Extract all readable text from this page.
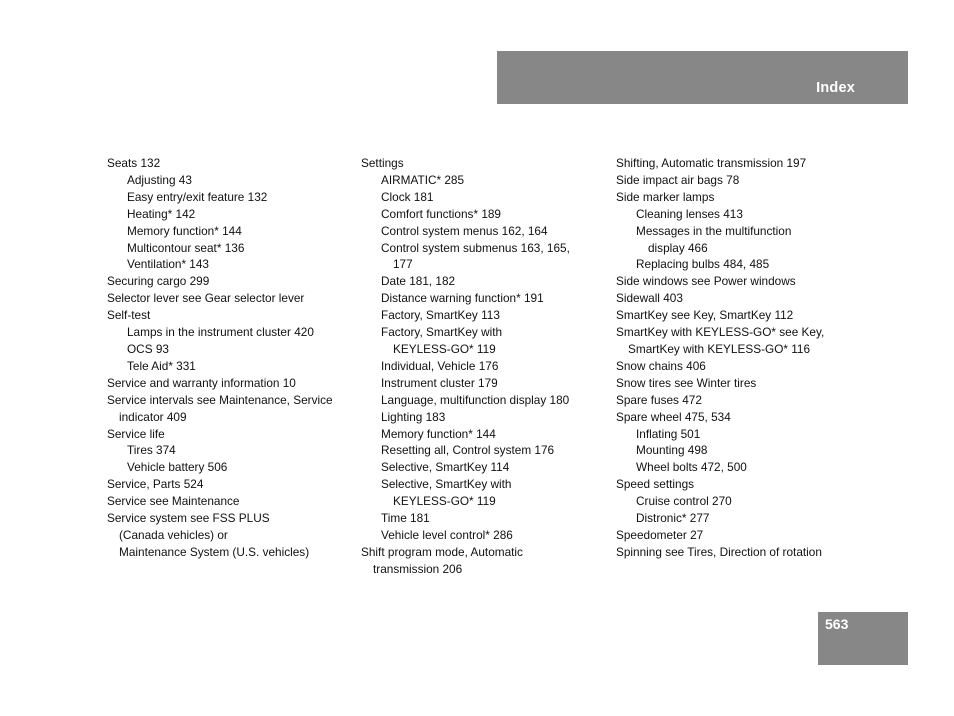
Index
Seats 132
Adjusting 43
Easy entry/exit feature 132
Heating* 142
Memory function* 144
Multicontour seat* 136
Ventilation* 143
Securing cargo 299
Selector lever see Gear selector lever
Self-test
Lamps in the instrument cluster 420
OCS 93
Tele Aid* 331
Service and warranty information 10
Service intervals see Maintenance, Service
indicator 409
Service life
Tires 374
Vehicle battery 506
Service, Parts 524
Service see Maintenance
Service system see FSS PLUS
(Canada vehicles) or
Maintenance System (U.S. vehicles)
Settings
AIRMATIC* 285
Clock 181
Comfort functions* 189
Control system menus 162, 164
Control system submenus 163, 165,
177
Date 181, 182
Distance warning function* 191
Factory, SmartKey 113
Factory, SmartKey with
KEYLESS-GO* 119
Individual, Vehicle 176
Instrument cluster 179
Language, multifunction display 180
Lighting 183
Memory function* 144
Resetting all, Control system 176
Selective, SmartKey 114
Selective, SmartKey with
KEYLESS-GO* 119
Time 181
Vehicle level control* 286
Shift program mode, Automatic
transmission 206
Shifting, Automatic transmission 197
Side impact air bags 78
Side marker lamps
Cleaning lenses 413
Messages in the multifunction
display 466
Replacing bulbs 484, 485
Side windows see Power windows
Sidewall 403
SmartKey see Key, SmartKey 112
SmartKey with KEYLESS-GO* see Key,
SmartKey with KEYLESS-GO* 116
Snow chains 406
Snow tires see Winter tires
Spare fuses 472
Spare wheel 475, 534
Inflating 501
Mounting 498
Wheel bolts 472, 500
Speed settings
Cruise control 270
Distronic* 277
Speedometer 27
Spinning see Tires, Direction of rotation
563
